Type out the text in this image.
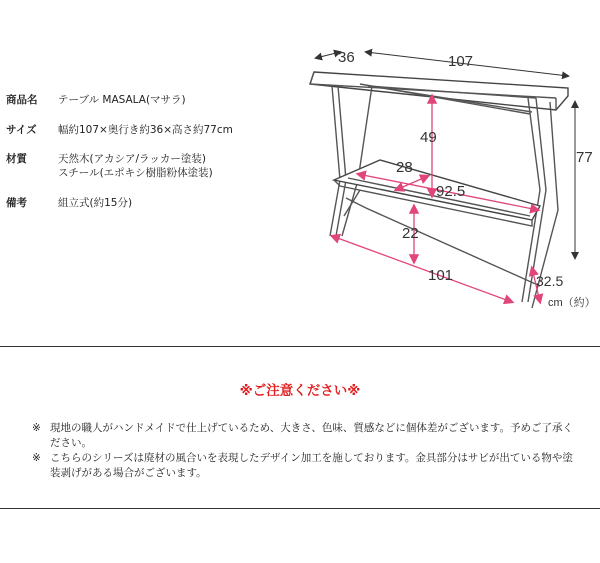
商品名 テーブル MASALA(マサラ)
サイズ 幅約107×奥行き約36×高さ約77cm
材質	天然木(アカシア/ラッカー塗装)
スチール(エポキシ樹脂粉体塗装)
備考	組立式(約15分)
36	107
77
49
28
92.5
22
101	32.5
cm（約）
※ご注意ください※
※ 現地の職人がハンドメイドで仕上げているため、大きさ、色味、質感などに個体差がございます。予めご了承ください。
※ こちらのシリーズは廃材の風合いを表現したデザイン加工を施しております。金具部分はサビが出ている物や塗装剥げがある場合がございます。
